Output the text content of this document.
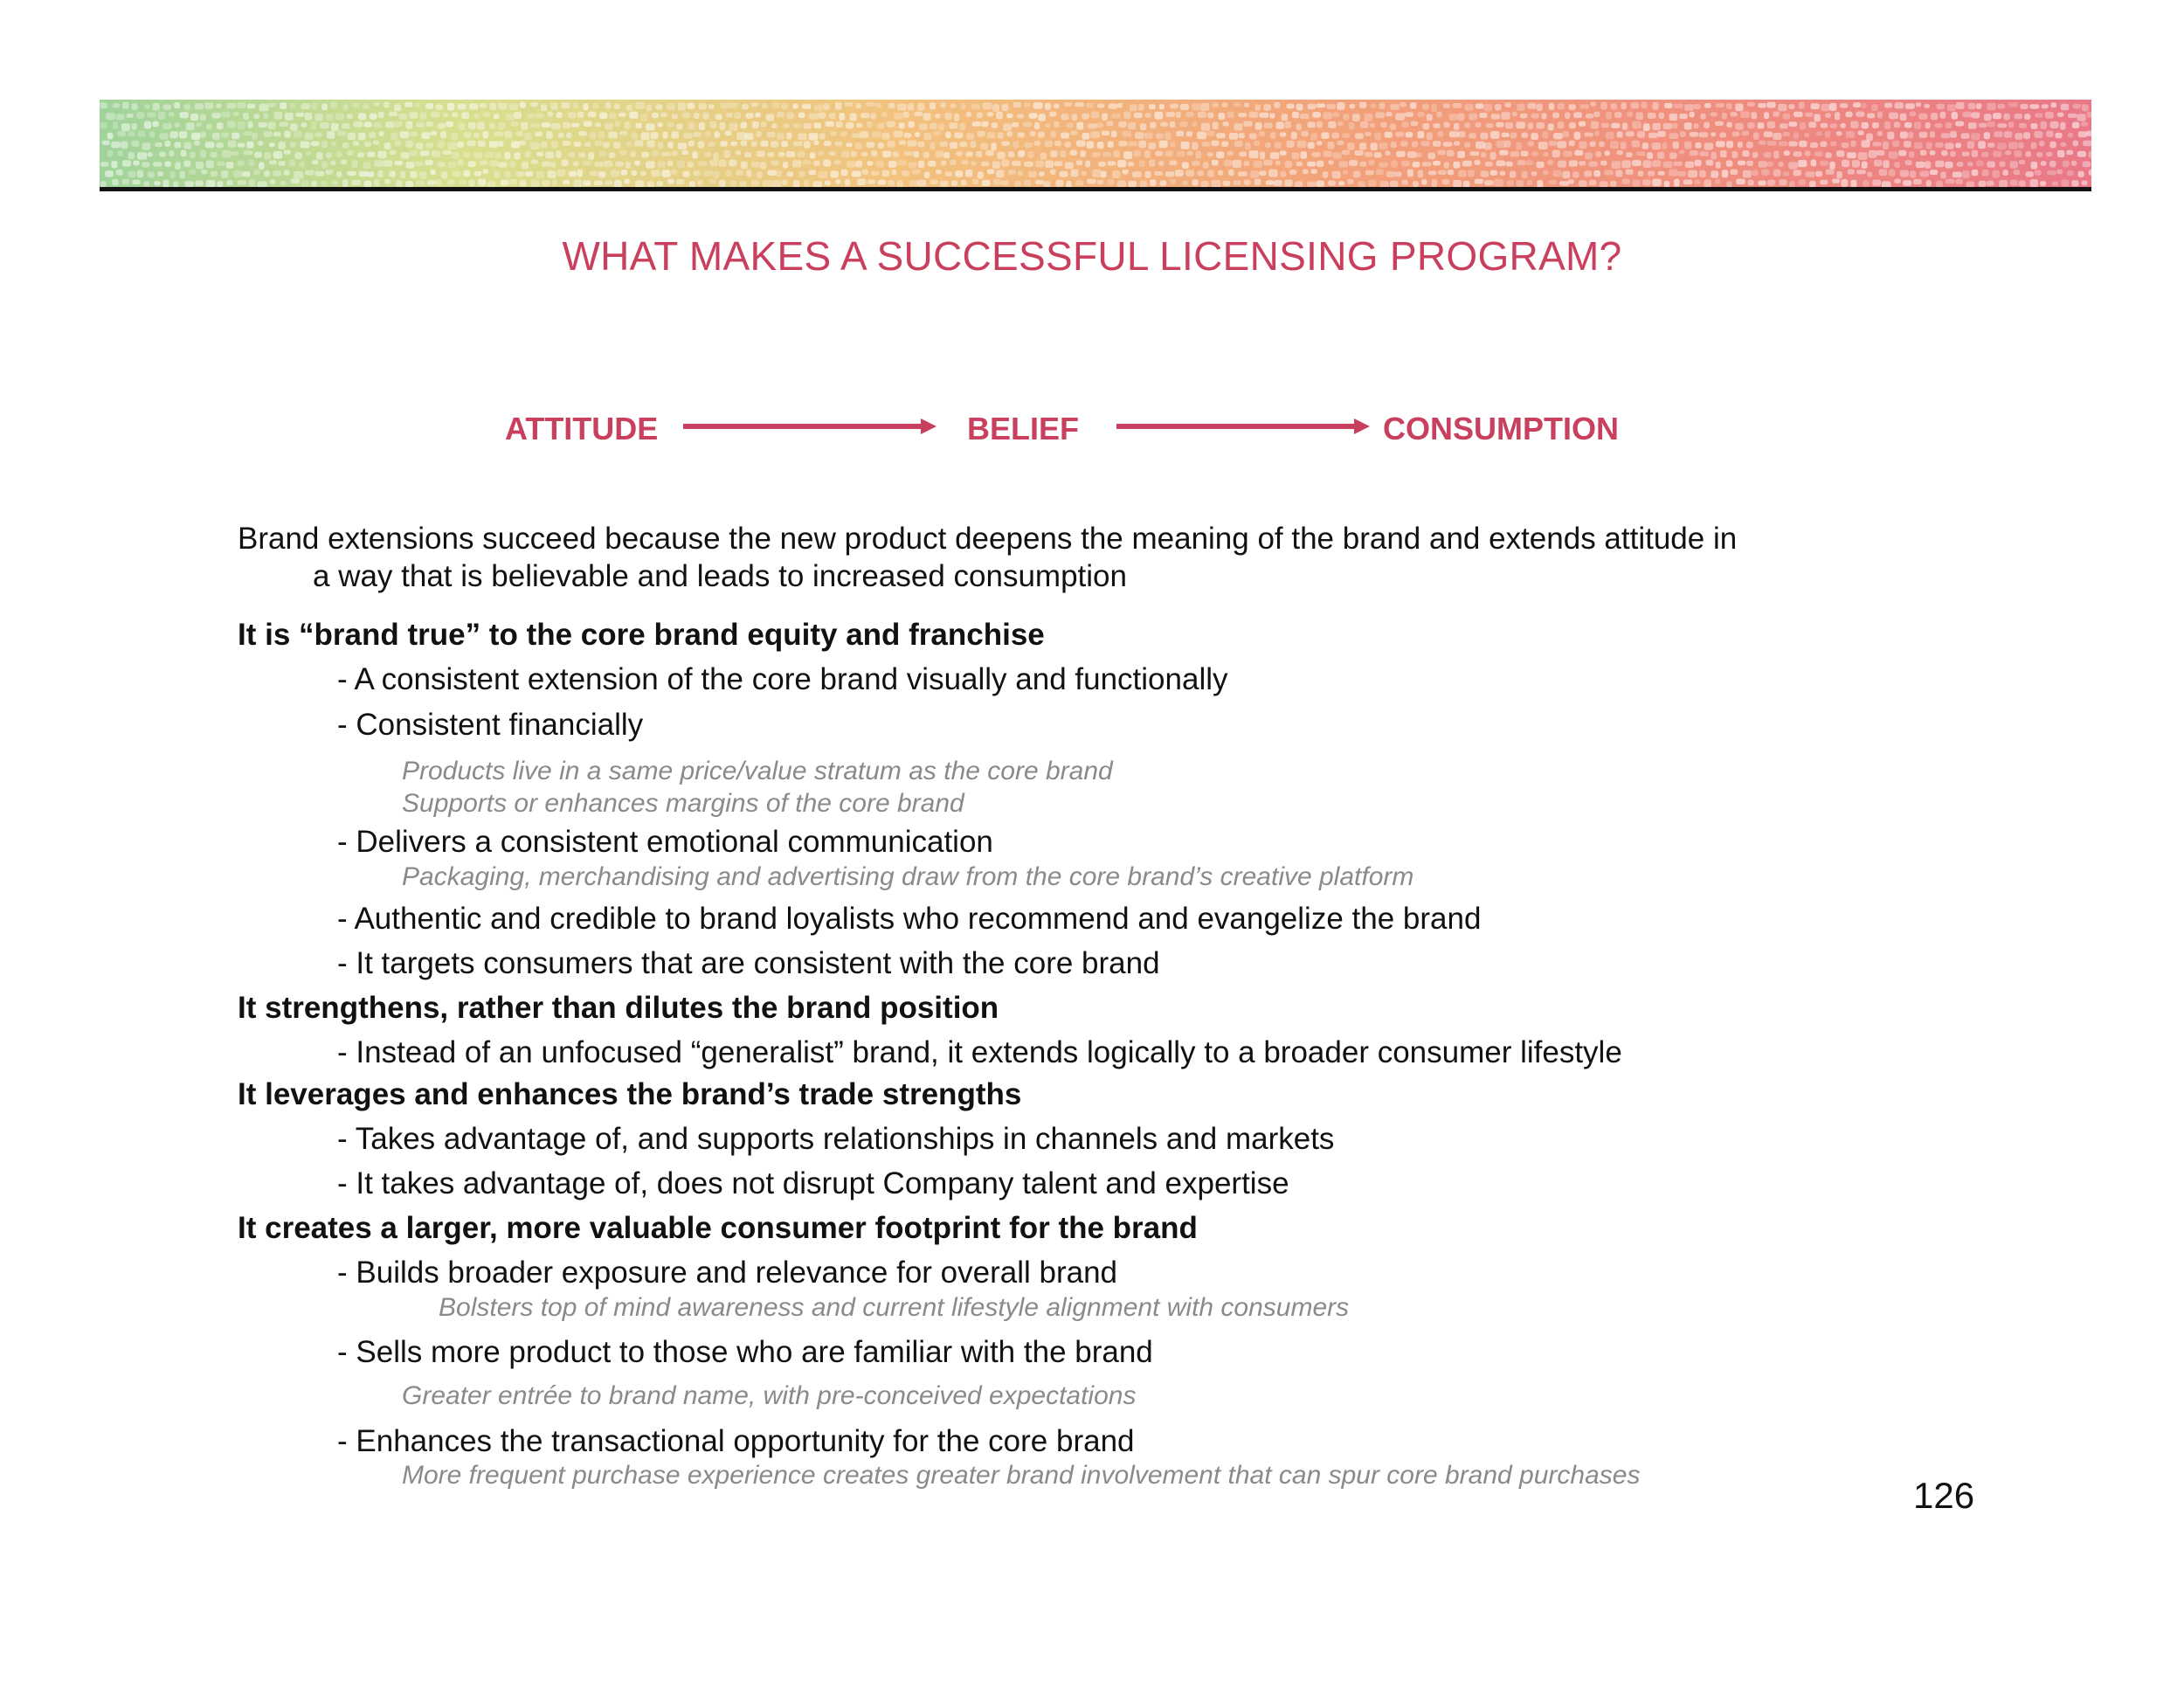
WHAT MAKES A SUCCESSFUL LICENSING PROGRAM?
ATTITUDE	BELIEF	CONSUMPTION
Brand extensions succeed because the new product deepens the meaning of the brand and extends attitude in
a way that is believable and leads to increased consumption
It is “brand true” to the core brand equity and franchise
- A consistent extension of the core brand visually and functionally
- Consistent financially
Products live in a same price/value stratum as the core brand
Supports or enhances margins of the core brand
- Delivers a consistent emotional communication
Packaging, merchandising and advertising draw from the core brand’s creative platform
- Authentic and credible to brand loyalists who recommend and evangelize the brand
- It targets consumers that are consistent with the core brand
It strengthens, rather than dilutes the brand position
- Instead of an unfocused “generalist” brand, it extends logically to a broader consumer lifestyle
It leverages and enhances the brand’s trade strengths
- Takes advantage of, and supports relationships in channels and markets
- It takes advantage of, does not disrupt Company talent and expertise
It creates a larger, more valuable consumer footprint for the brand
- Builds broader exposure and relevance for overall brand
Bolsters top of mind awareness and current lifestyle alignment with consumers
- Sells more product to those who are familiar with the brand
Greater entrée to brand name, with pre-conceived expectations
- Enhances the transactional opportunity for the core brand
More frequent purchase experience creates greater brand involvement that can spur core brand purchases	126
